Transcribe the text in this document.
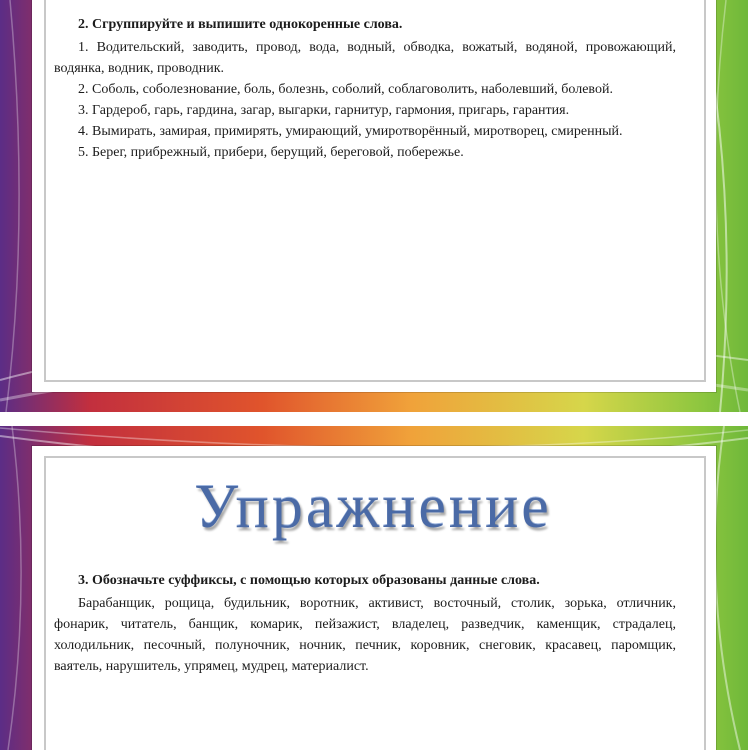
2. Сгруппируйте и выпишите однокоренные слова.

1. Водительский, заводить, провод, вода, водный, обводка, вожатый, водяной, провожающий, водянка, водник, проводник.

2. Соболь, соболезнование, боль, болезнь, соболий, соблаговолить, наболевший, болевой.

3. Гардероб, гарь, гардина, загар, выгарки, гарнитур, гармония, пригарь, гарантия.

4. Вымирать, замирая, примирять, умирающий, умиротворённый, миротворец, смиренный.

5. Берег, прибрежный, прибери, берущий, береговой, побережье.

Упражнение

3. Обозначьте суффиксы, с помощью которых образованы данные слова.

Барабанщик, рощица, будильник, воротник, активист, восточный, столик, зорька, отличник, фонарик, читатель, банщик, комарик, пейзажист, владелец, разведчик, каменщик, страдалец, холодильник, песочный, полуночник, ночник, печник, коровник, снеговик, красавец, паромщик, ваятель, нарушитель, упрямец, мудрец, материалист.
